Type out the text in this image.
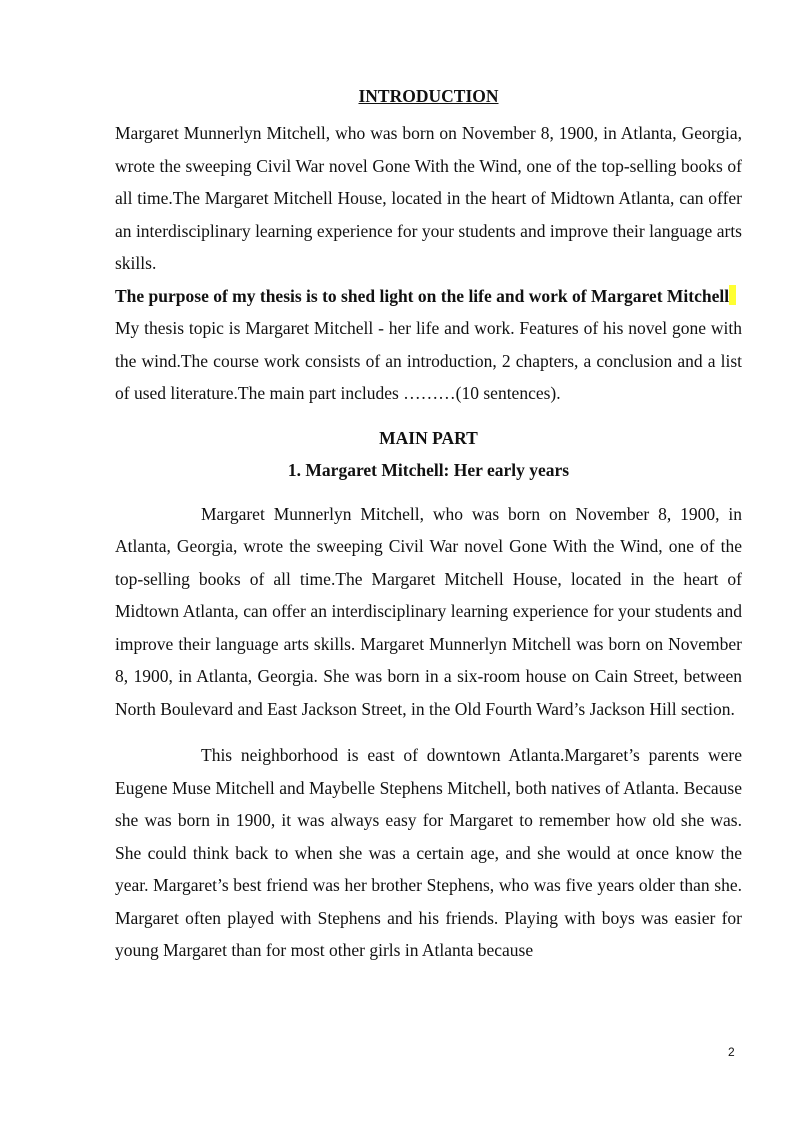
INTRODUCTION

Margaret Munnerlyn Mitchell, who was born on November 8, 1900, in Atlanta, Georgia, wrote the sweeping Civil War novel Gone With the Wind, one of the top-selling books of all time.The Margaret Mitchell House, located in the heart of Midtown Atlanta, can offer an interdisciplinary learning experience for your students and improve their language arts skills.

The purpose of my thesis is to shed light on the life and work of Margaret Mitchell

My thesis topic is Margaret Mitchell - her life and work. Features of his novel gone with the wind.The course work consists of an introduction, 2 chapters, a conclusion and a list of used literature.The main part includes ………(10 sentences).

MAIN PART
1. Margaret Mitchell: Her early years

Margaret Munnerlyn Mitchell, who was born on November 8, 1900, in Atlanta, Georgia, wrote the sweeping Civil War novel Gone With the Wind, one of the top-selling books of all time.The Margaret Mitchell House, located in the heart of Midtown Atlanta, can offer an interdisciplinary learning experience for your students and improve their language arts skills. Margaret Munnerlyn Mitchell was born on November 8, 1900, in Atlanta, Georgia. She was born in a six-room house on Cain Street, between North Boulevard and East Jackson Street, in the Old Fourth Ward’s Jackson Hill section.

This neighborhood is east of downtown Atlanta.Margaret’s parents were Eugene Muse Mitchell and Maybelle Stephens Mitchell, both natives of Atlanta. Because she was born in 1900, it was always easy for Margaret to remember how old she was. She could think back to when she was a certain age, and she would at once know the year. Margaret’s best friend was her brother Stephens, who was five years older than she. Margaret often played with Stephens and his friends. Playing with boys was easier for young Margaret than for most other girls in Atlanta because

2
